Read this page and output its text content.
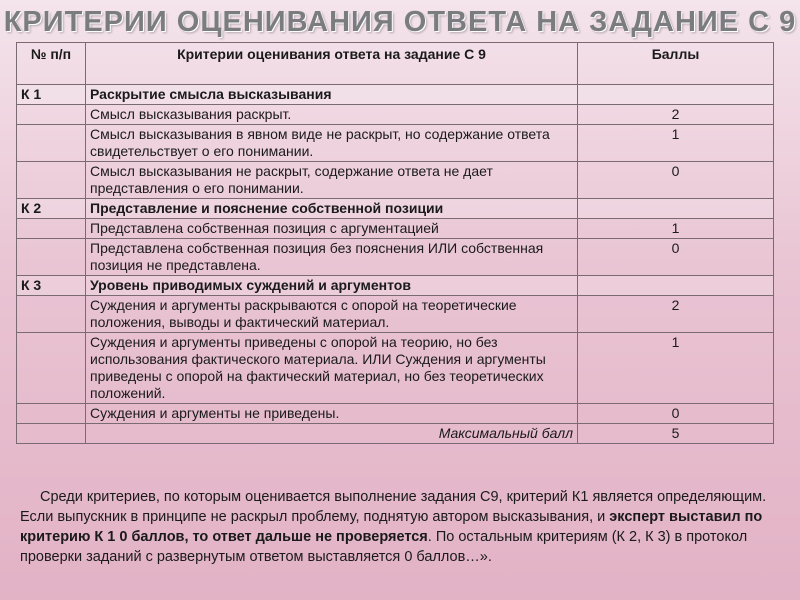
КРИТЕРИИ ОЦЕНИВАНИЯ ОТВЕТА НА ЗАДАНИЕ С 9
№ п/п	Критерии оценивания ответа на задание С 9	Баллы
К 1	Раскрытие смысла высказывания	
	Смысл высказывания раскрыт.	2
	Смысл высказывания в явном виде не раскрыт, но содержание ответа свидетельствует о его понимании.	1
	Смысл высказывания не раскрыт, содержание ответа не дает представления о его понимании.	0
К 2	Представление и пояснение собственной позиции	
	Представлена собственная позиция с аргументацией	1
	Представлена собственная позиция без пояснения ИЛИ собственная позиция не представлена.	0
К 3	Уровень приводимых суждений и аргументов	
	Суждения и аргументы раскрываются с опорой на теоретические положения, выводы и фактический материал.	2
	Суждения и аргументы приведены с опорой на теорию, но без использования фактического материала. ИЛИ Суждения и аргументы приведены с опорой на фактический материал, но без теоретических положений.	1
	Суждения и аргументы не приведены.	0
	Максимальный балл	5
Среди критериев, по которым оценивается выполнение задания С9, критерий К1 является определяющим. Если выпускник в принципе не раскрыл проблему, поднятую автором высказывания, и эксперт выставил по критерию К 1 0 баллов, то ответ дальше не проверяется. По остальным критериям (К 2, К 3) в протокол проверки заданий с развернутым ответом выставляется 0 баллов…».
